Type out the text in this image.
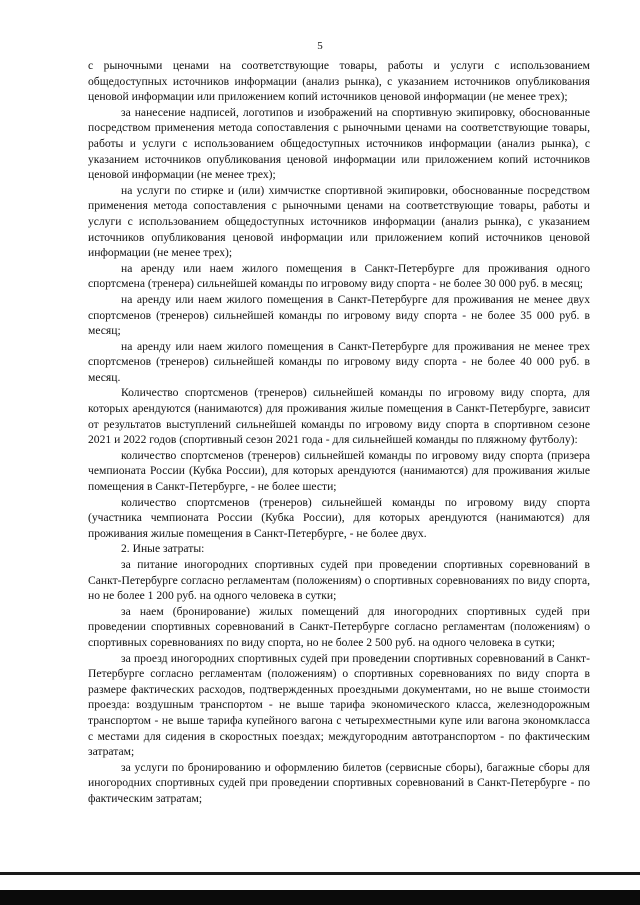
5

с рыночными ценами на соответствующие товары, работы и услуги с использованием общедоступных источников информации (анализ рынка), с указанием источников опубликования ценовой информации или приложением копий источников ценовой информации (не менее трех);

за нанесение надписей, логотипов и изображений на спортивную экипировку, обоснованные посредством применения метода сопоставления с рыночными ценами на соответствующие товары, работы и услуги с использованием общедоступных источников информации (анализ рынка), с указанием источников опубликования ценовой информации или приложением копий источников ценовой информации (не менее трех);

на услуги по стирке и (или) химчистке спортивной экипировки, обоснованные посредством применения метода сопоставления с рыночными ценами на соответствующие товары, работы и услуги с использованием общедоступных источников информации (анализ рынка), с указанием источников опубликования ценовой информации или приложением копий источников ценовой информации (не менее трех);

на аренду или наем жилого помещения в Санкт-Петербурге для проживания одного спортсмена (тренера) сильнейшей команды по игровому виду спорта - не более 30 000 руб. в месяц;

на аренду или наем жилого помещения в Санкт-Петербурге для проживания не менее двух спортсменов (тренеров) сильнейшей команды по игровому виду спорта - не более 35 000 руб. в месяц;

на аренду или наем жилого помещения в Санкт-Петербурге для проживания не менее трех спортсменов (тренеров) сильнейшей команды по игровому виду спорта - не более 40 000 руб. в месяц.

Количество спортсменов (тренеров) сильнейшей команды по игровому виду спорта, для которых арендуются (нанимаются) для проживания жилые помещения в Санкт-Петербурге, зависит от результатов выступлений сильнейшей команды по игровому виду спорта в спортивном сезоне 2021 и 2022 годов (спортивный сезон 2021 года - для сильнейшей команды по пляжному футболу):

количество спортсменов (тренеров) сильнейшей команды по игровому виду спорта (призера чемпионата России (Кубка России), для которых арендуются (нанимаются) для проживания жилые помещения в Санкт-Петербурге, - не более шести;

количество спортсменов (тренеров) сильнейшей команды по игровому виду спорта (участника чемпионата России (Кубка России), для которых арендуются (нанимаются) для проживания жилые помещения в Санкт-Петербурге, - не более двух.

2. Иные затраты:

за питание иногородних спортивных судей при проведении спортивных соревнований в Санкт-Петербурге согласно регламентам (положениям) о спортивных соревнованиях по виду спорта, но не более 1 200 руб. на одного человека в сутки;

за наем (бронирование) жилых помещений для иногородних спортивных судей при проведении спортивных соревнований в Санкт-Петербурге согласно регламентам (положениям) о спортивных соревнованиях по виду спорта, но не более 2 500 руб. на одного человека в сутки;

за проезд иногородних спортивных судей при проведении спортивных соревнований в Санкт-Петербурге согласно регламентам (положениям) о спортивных соревнованиях по виду спорта в размере фактических расходов, подтвержденных проездными документами, но не выше стоимости проезда: воздушным транспортом - не выше тарифа экономического класса, железнодорожным транспортом - не выше тарифа купейного вагона с четырехместными купе или вагона экономкласса с местами для сидения в скоростных поездах; междугородним автотранспортом - по фактическим затратам;

за услуги по бронированию и оформлению билетов (сервисные сборы), багажные сборы для иногородних спортивных судей при проведении спортивных соревнований в Санкт-Петербурге - по фактическим затратам;
